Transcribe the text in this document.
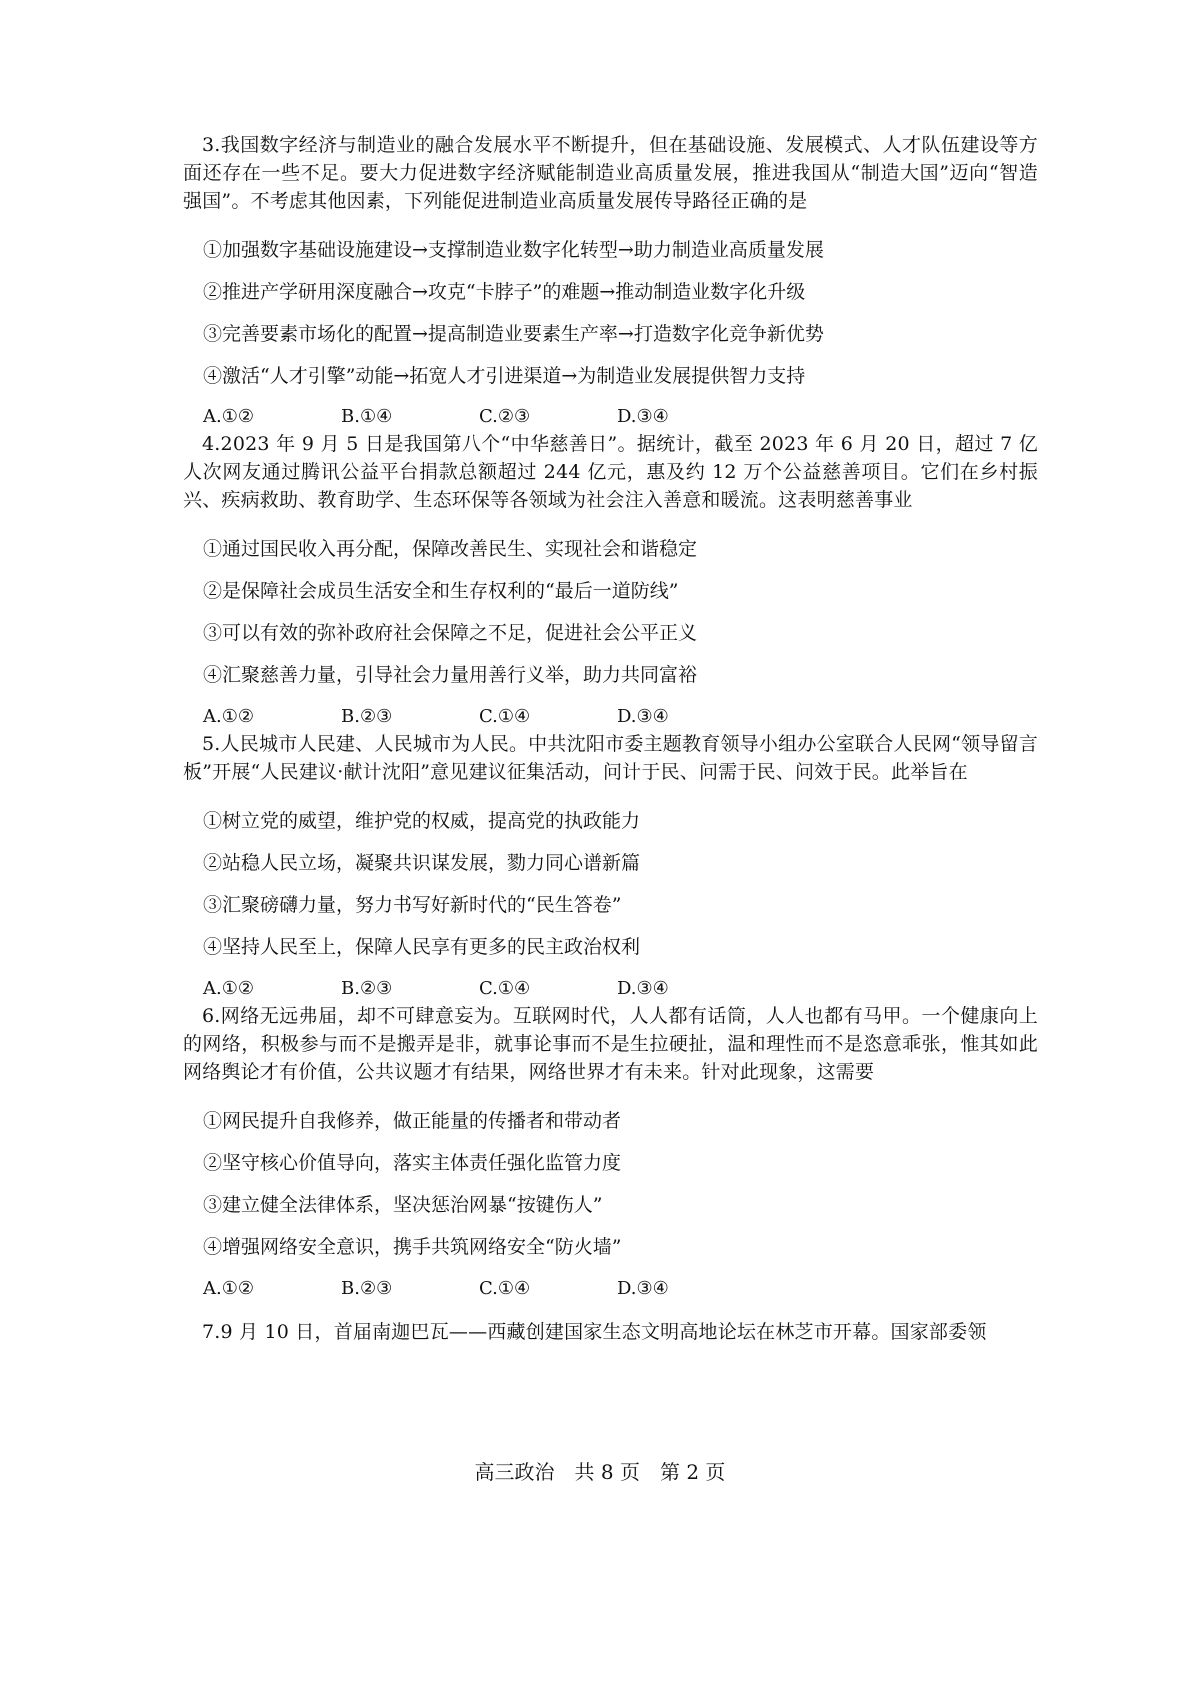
3.我国数字经济与制造业的融合发展水平不断提升，但在基础设施、发展模式、人才队伍建设等方面还存在一些不足。要大力促进数字经济赋能制造业高质量发展，推进我国从“制造大国”迈向“智造强国”。不考虑其他因素，下列能促进制造业高质量发展传导路径正确的是

①加强数字基础设施建设→支撑制造业数字化转型→助力制造业高质量发展

②推进产学研用深度融合→攻克“卡脖子”的难题→推动制造业数字化升级

③完善要素市场化的配置→提高制造业要素生产率→打造数字化竞争新优势

④激活“人才引擎”动能→拓宽人才引进渠道→为制造业发展提供智力支持

A.①②	B.①④	C.②③	D.③④

4.2023 年 9 月 5 日是我国第八个“中华慈善日”。据统计，截至 2023 年 6 月 20 日，超过 7 亿人次网友通过腾讯公益平台捐款总额超过 244 亿元，惠及约 12 万个公益慈善项目。它们在乡村振兴、疾病救助、教育助学、生态环保等各领域为社会注入善意和暖流。这表明慈善事业

①通过国民收入再分配，保障改善民生、实现社会和谐稳定

②是保障社会成员生活安全和生存权利的“最后一道防线”

③可以有效的弥补政府社会保障之不足，促进社会公平正义

④汇聚慈善力量，引导社会力量用善行义举，助力共同富裕

A.①②	B.②③	C.①④	D.③④

5.人民城市人民建、人民城市为人民。中共沈阳市委主题教育领导小组办公室联合人民网“领导留言板”开展“人民建议·献计沈阳”意见建议征集活动，问计于民、问需于民、问效于民。此举旨在

①树立党的威望，维护党的权威，提高党的执政能力

②站稳人民立场，凝聚共识谋发展，勠力同心谱新篇

③汇聚磅礴力量，努力书写好新时代的“民生答卷”

④坚持人民至上，保障人民享有更多的民主政治权利

A.①②	B.②③	C.①④	D.③④

6.网络无远弗届，却不可肆意妄为。互联网时代，人人都有话筒，人人也都有马甲。一个健康向上的网络，积极参与而不是搬弄是非，就事论事而不是生拉硬扯，温和理性而不是恣意乖张，惟其如此网络舆论才有价值，公共议题才有结果，网络世界才有未来。针对此现象，这需要

①网民提升自我修养，做正能量的传播者和带动者

②坚守核心价值导向，落实主体责任强化监管力度

③建立健全法律体系，坚决惩治网暴“按键伤人”

④增强网络安全意识，携手共筑网络安全“防火墙”

A.①②	B.②③	C.①④	D.③④

7.9 月 10 日，首届南迦巴瓦——西藏创建国家生态文明高地论坛在林芝市开幕。国家部委领

高三政治　共 8 页　第 2 页
